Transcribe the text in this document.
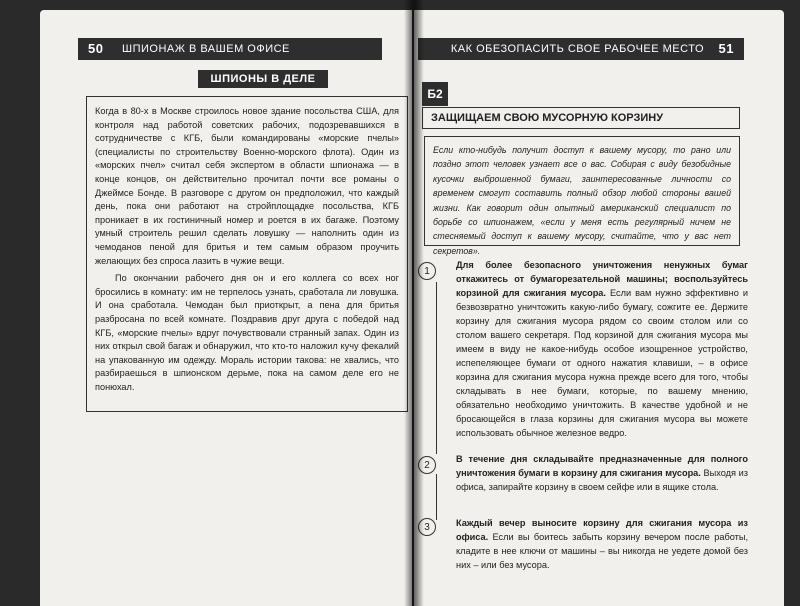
50 ШПИОНАЖ В ВАШЕМ ОФИСЕ
ШПИОНЫ В ДЕЛЕ

Когда в 80-х в Москве строилось новое здание посольства США, для контроля над работой советских рабочих, подозревавшихся в сотрудничестве с КГБ, были командированы «морские пчелы» (специалисты по строительству Военно-морского флота). Один из «морских пчел» считал себя экспертом в области шпионажа — в конце концов, он действительно прочитал почти все романы о Джеймсе Бонде. В разговоре с другом он предположил, что каждый день, пока они работают на стройплощадке посольства, КГБ проникает в их гостиничный номер и роется в их багаже. Поэтому умный строитель решил сделать ловушку — наполнить один из чемоданов пеной для бритья и тем самым образом проучить желающих без спроса лазить в чужие вещи.

По окончании рабочего дня он и его коллега со всех ног бросились в комнату: им не терпелось узнать, сработала ли ловушка. И она сработала. Чемодан был приоткрыт, а пена для бритья разбросана по всей комнате. Поздравив друг друга с победой над КГБ, «морские пчелы» вдруг почувствовали странный запах. Один из них открыл свой багаж и обнаружил, что кто-то наложил кучу фекалий на упакованную им одежду. Мораль истории такова: не хвались, что разбираешься в шпионском дерьме, пока на самом деле его не понюхал.

КАК ОБЕЗОПАСИТЬ СВОЕ РАБОЧЕЕ МЕСТО 51
Б2
ЗАЩИЩАЕМ СВОЮ МУСОРНУЮ КОРЗИНУ

Если кто-нибудь получит доступ к вашему мусору, то рано или поздно этот человек узнает все о вас. Собирая с виду безобидные кусочки выброшенной бумаги, заинтересованные личности со временем смогут составить полный обзор любой стороны вашей жизни. Как говорит один опытный американский специалист по борьбе со шпионажем, «если у меня есть регулярный ничем не стесняемый доступ к вашему мусору, считайте, что у вас нет секретов».

1
Для более безопасного уничтожения ненужных бумаг откажитесь от бумагорезательной машины; воспользуйтесь корзиной для сжигания мусора. Если вам нужно эффективно и безвозвратно уничтожить какую-либо бумагу, сожгите ее. Держите корзину для сжигания мусора рядом со своим столом или со столом вашего секретаря. Под корзиной для сжигания мусора мы имеем в виду не какое-нибудь особое изощренное устройство, испепеляющее бумаги от одного нажатия клавиши, – в офисе корзина для сжигания мусора нужна прежде всего для того, чтобы складывать в нее бумаги, которые, по вашему мнению, обязательно необходимо уничтожить. В качестве удобной и не бросающейся в глаза корзины для сжигания мусора вы можете использовать обычное железное ведро.
2
В течение дня складывайте предназначенные для полного уничтожения бумаги в корзину для сжигания мусора. Выходя из офиса, запирайте корзину в своем сейфе или в ящике стола.
3	Каждый вечер выносите корзину для сжигания мусора из офиса. Если вы боитесь забыть корзину вечером после работы, кладите в нее ключи от машины – вы никогда не уедете домой без них – или без мусора.
